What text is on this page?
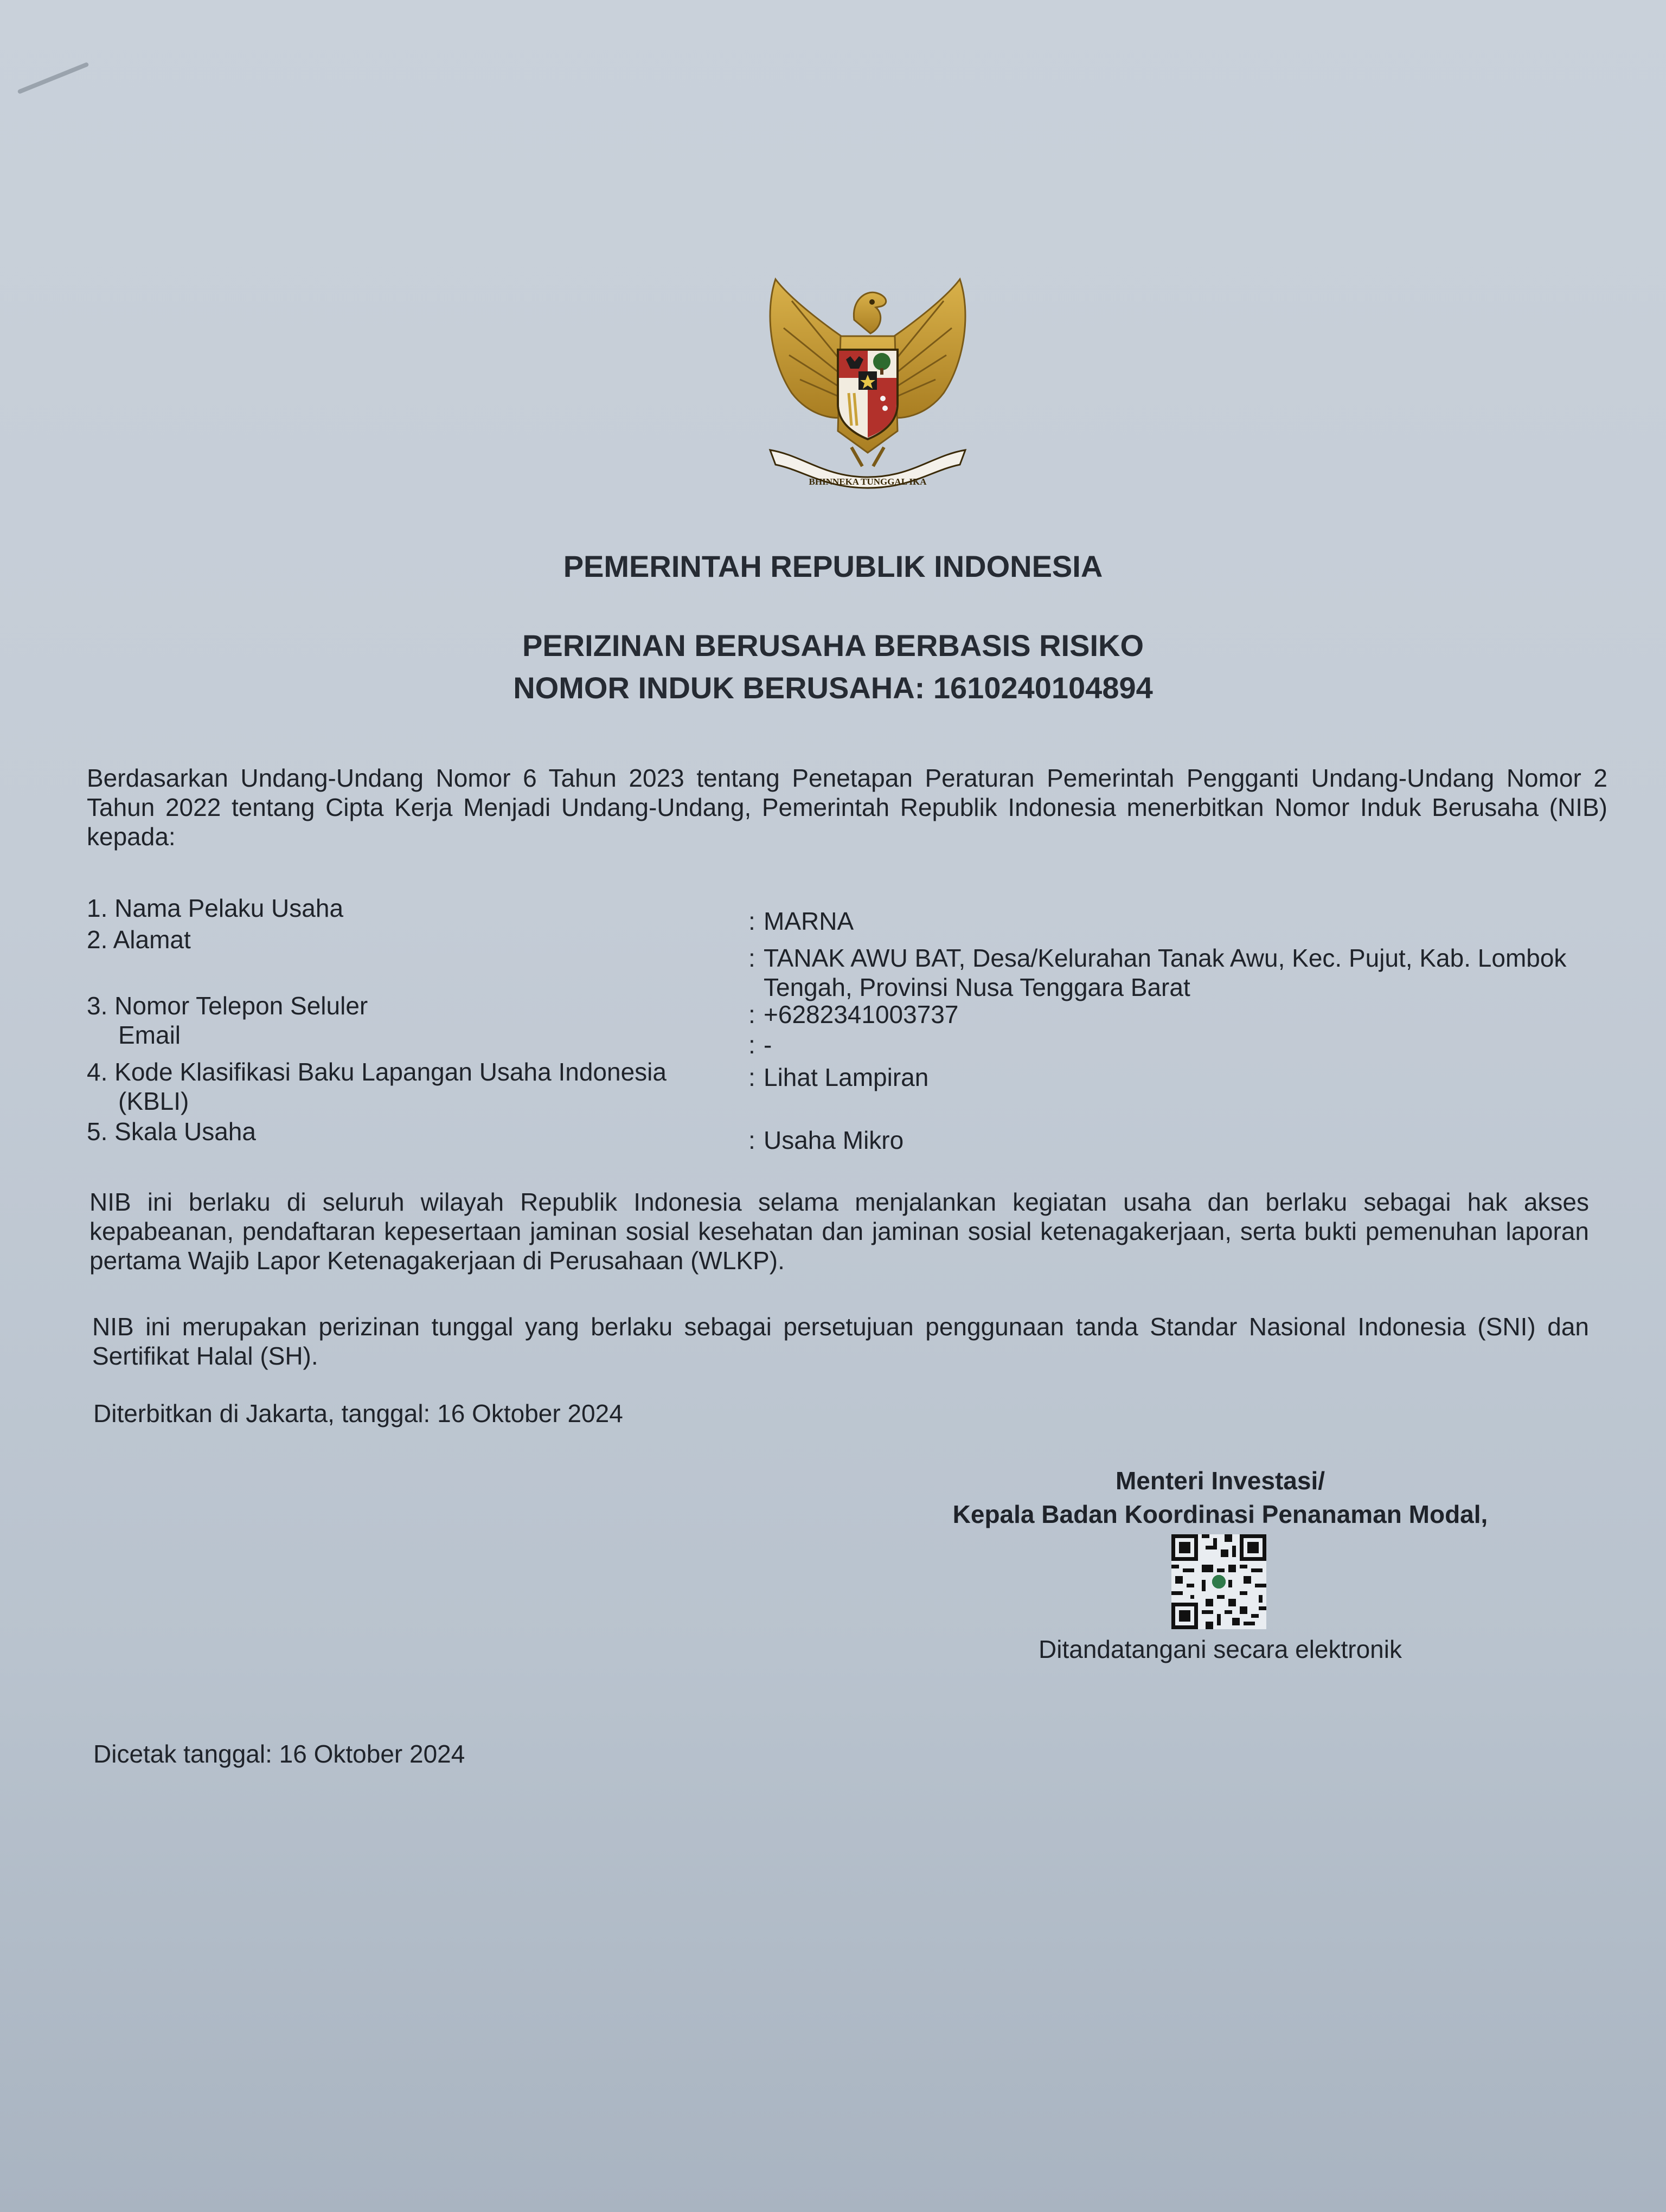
BHINNEKA TUNGGAL IKA
PEMERINTAH REPUBLIK INDONESIA
PERIZINAN BERUSAHA BERBASIS RISIKO
NOMOR INDUK BERUSAHA: 1610240104894
Berdasarkan Undang-Undang Nomor 6 Tahun 2023 tentang Penetapan Peraturan Pemerintah Pengganti Undang-Undang Nomor 2 Tahun 2022 tentang Cipta Kerja Menjadi Undang-Undang, Pemerintah Republik Indonesia menerbitkan Nomor Induk Berusaha (NIB) kepada:
1. Nama Pelaku Usaha	: MARNA
2. Alamat
: TANAK AWU BAT, Desa/Kelurahan Tanak Awu, Kec. Pujut, Kab. Lombok
Tengah, Provinsi Nusa Tenggara Barat
3. Nomor Telepon Seluler	: +6282341003737
Email	: -
4. Kode Klasifikasi Baku Lapangan Usaha Indonesia
(KBLI)
: Lihat Lampiran
5. Skala Usaha	: Usaha Mikro
NIB ini berlaku di seluruh wilayah Republik Indonesia selama menjalankan kegiatan usaha dan berlaku sebagai hak akses kepabeanan, pendaftaran kepesertaan jaminan sosial kesehatan dan jaminan sosial ketenagakerjaan, serta bukti pemenuhan laporan pertama Wajib Lapor Ketenagakerjaan di Perusahaan (WLKP).
NIB ini merupakan perizinan tunggal yang berlaku sebagai persetujuan penggunaan tanda Standar Nasional Indonesia (SNI) dan Sertifikat Halal (SH).
Diterbitkan di Jakarta, tanggal: 16 Oktober 2024
Menteri Investasi/
Kepala Badan Koordinasi Penanaman Modal,
Ditandatangani secara elektronik
Dicetak tanggal: 16 Oktober 2024
